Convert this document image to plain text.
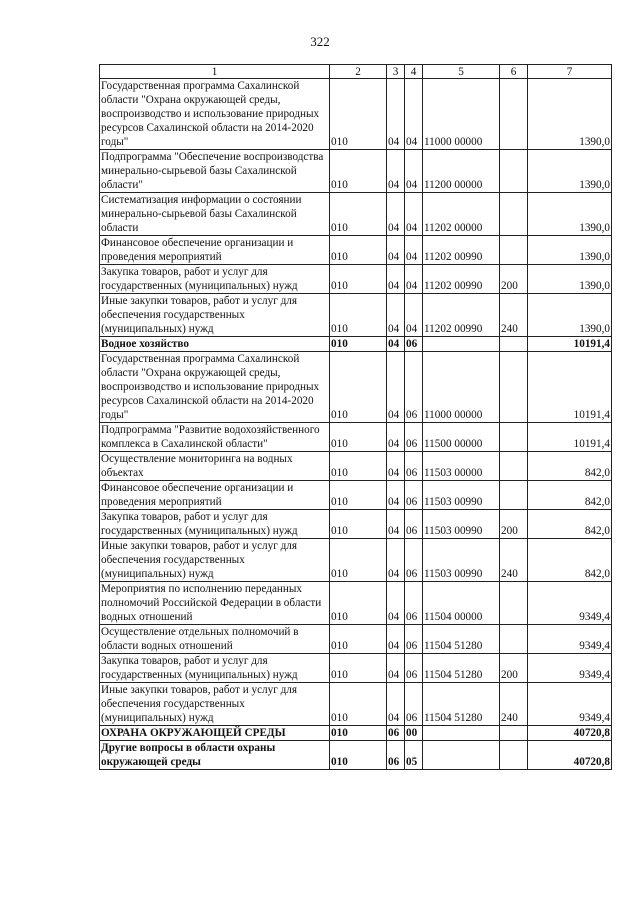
322
1	2	3	4	5	6	7
Государственная программа Сахалинской области "Охрана окружающей среды, воспроизводство и использование природных ресурсов Сахалинской области на 2014-2020 годы"	010	04	04	11000 00000		1390,0
Подпрограмма "Обеспечение воспроизводства минерально-сырьевой базы Сахалинской области"	010	04	04	11200 00000		1390,0
Систематизация информации о состоянии минерально-сырьевой базы Сахалинской области	010	04	04	11202 00000		1390,0
Финансовое обеспечение организации и проведения мероприятий	010	04	04	11202 00990		1390,0
Закупка товаров, работ и услуг для государственных (муниципальных) нужд	010	04	04	11202 00990	200	1390,0
Иные закупки товаров, работ и услуг для обеспечения государственных (муниципальных) нужд	010	04	04	11202 00990	240	1390,0
Водное хозяйство	010	04	06			10191,4
Государственная программа Сахалинской области "Охрана окружающей среды, воспроизводство и использование природных ресурсов Сахалинской области на 2014-2020 годы"	010	04	06	11000 00000		10191,4
Подпрограмма "Развитие водохозяйственного комплекса в Сахалинской области"	010	04	06	11500 00000		10191,4
Осуществление мониторинга на водных объектах	010	04	06	11503 00000		842,0
Финансовое обеспечение организации и проведения мероприятий	010	04	06	11503 00990		842,0
Закупка товаров, работ и услуг для государственных (муниципальных) нужд	010	04	06	11503 00990	200	842,0
Иные закупки товаров, работ и услуг для обеспечения государственных (муниципальных) нужд	010	04	06	11503 00990	240	842,0
Мероприятия по исполнению переданных полномочий Российской Федерации в области водных отношений	010	04	06	11504 00000		9349,4
Осуществление отдельных полномочий в области водных отношений	010	04	06	11504 51280		9349,4
Закупка товаров, работ и услуг для государственных (муниципальных) нужд	010	04	06	11504 51280	200	9349,4
Иные закупки товаров, работ и услуг для обеспечения государственных (муниципальных) нужд	010	04	06	11504 51280	240	9349,4
ОХРАНА ОКРУЖАЮЩЕЙ СРЕДЫ	010	06	00			40720,8
Другие вопросы в области охраны окружающей среды	010	06	05			40720,8
